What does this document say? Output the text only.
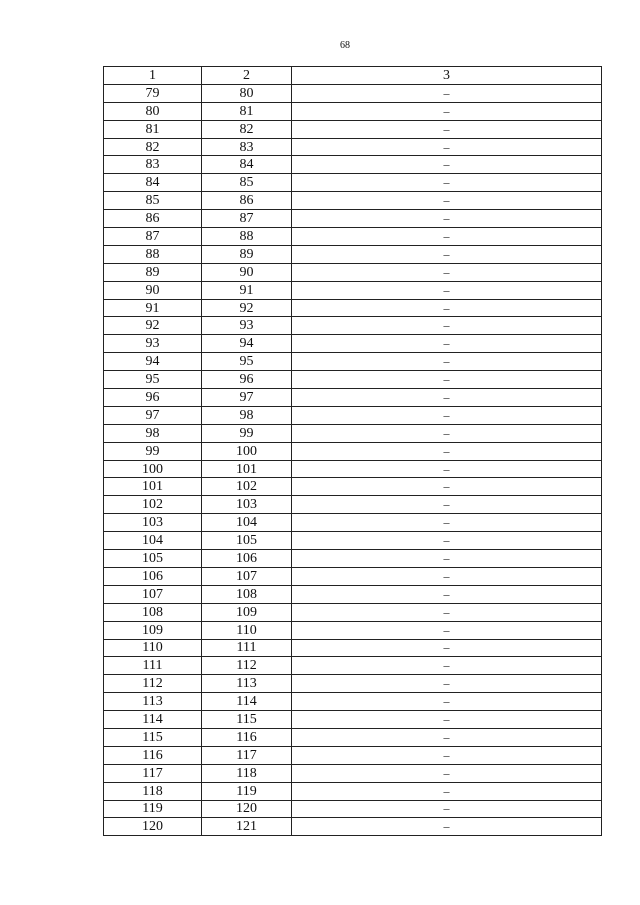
68
1	2	3
79	80	–
80	81	–
81	82	–
82	83	–
83	84	–
84	85	–
85	86	–
86	87	–
87	88	–
88	89	–
89	90	–
90	91	–
91	92	–
92	93	–
93	94	–
94	95	–
95	96	–
96	97	–
97	98	–
98	99	–
99	100	–
100	101	–
101	102	–
102	103	–
103	104	–
104	105	–
105	106	–
106	107	–
107	108	–
108	109	–
109	110	–
110	111	–
111	112	–
112	113	–
113	114	–
114	115	–
115	116	–
116	117	–
117	118	–
118	119	–
119	120	–
120	121	–
